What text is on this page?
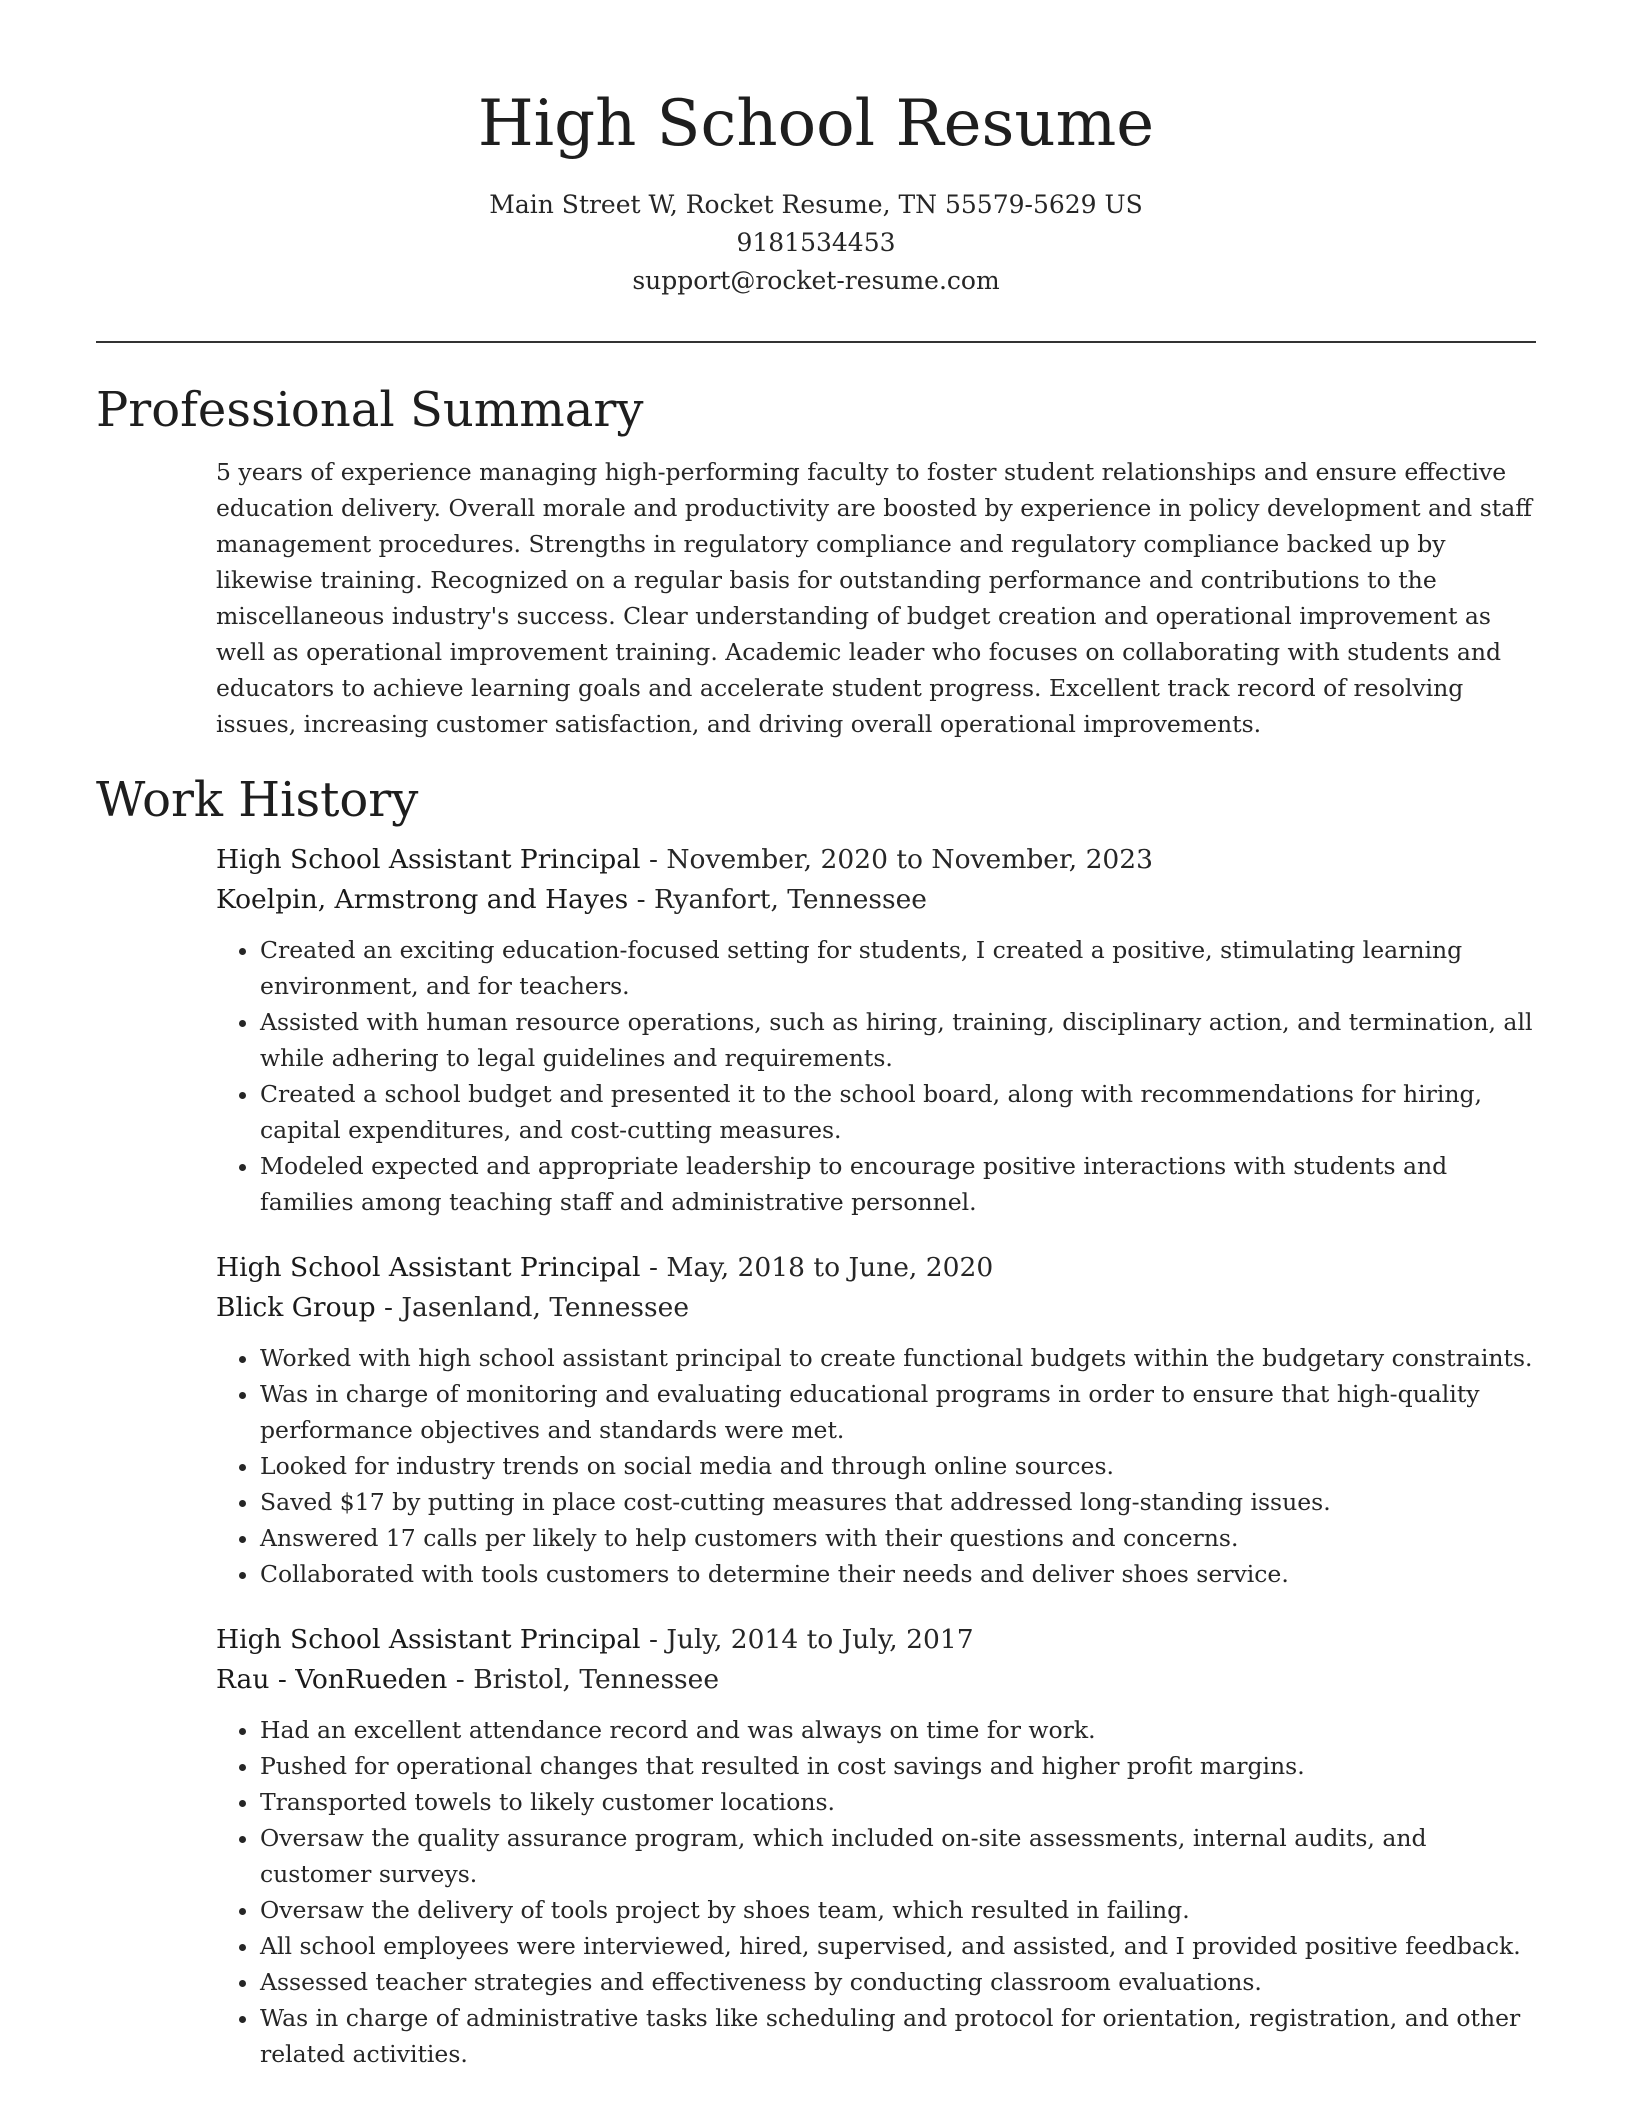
High School Resume

Main Street W, Rocket Resume, TN 55579-5629 US

9181534453

support@rocket-resume.com

Professional Summary

5 years of experience managing high-performing faculty to foster student relationships and ensure effective education delivery. Overall morale and productivity are boosted by experience in policy development and staff management procedures. Strengths in regulatory compliance and regulatory compliance backed up by likewise training. Recognized on a regular basis for outstanding performance and contributions to the miscellaneous industry's success. Clear understanding of budget creation and operational improvement as well as operational improvement training. Academic leader who focuses on collaborating with students and educators to achieve learning goals and accelerate student progress. Excellent track record of resolving issues, increasing customer satisfaction, and driving overall operational improvements.

Work History

High School Assistant Principal - November, 2020 to November, 2023

Koelpin, Armstrong and Hayes - Ryanfort, Tennessee

• Created an exciting education-focused setting for students, I created a positive, stimulating learning environment, and for teachers.
• Assisted with human resource operations, such as hiring, training, disciplinary action, and termination, all while adhering to legal guidelines and requirements.
• Created a school budget and presented it to the school board, along with recommendations for hiring, capital expenditures, and cost-cutting measures.
• Modeled expected and appropriate leadership to encourage positive interactions with students and families among teaching staff and administrative personnel.

High School Assistant Principal - May, 2018 to June, 2020

Blick Group - Jasenland, Tennessee

• Worked with high school assistant principal to create functional budgets within the budgetary constraints.
• Was in charge of monitoring and evaluating educational programs in order to ensure that high-quality performance objectives and standards were met.
• Looked for industry trends on social media and through online sources.
• Saved $17 by putting in place cost-cutting measures that addressed long-standing issues.
• Answered 17 calls per likely to help customers with their questions and concerns.
• Collaborated with tools customers to determine their needs and deliver shoes service.

High School Assistant Principal - July, 2014 to July, 2017

Rau - VonRueden - Bristol, Tennessee

• Had an excellent attendance record and was always on time for work.
• Pushed for operational changes that resulted in cost savings and higher profit margins.
• Transported towels to likely customer locations.
• Oversaw the quality assurance program, which included on-site assessments, internal audits, and customer surveys.
• Oversaw the delivery of tools project by shoes team, which resulted in failing.
• All school employees were interviewed, hired, supervised, and assisted, and I provided positive feedback.
• Assessed teacher strategies and effectiveness by conducting classroom evaluations.
• Was in charge of administrative tasks like scheduling and protocol for orientation, registration, and other related activities.
